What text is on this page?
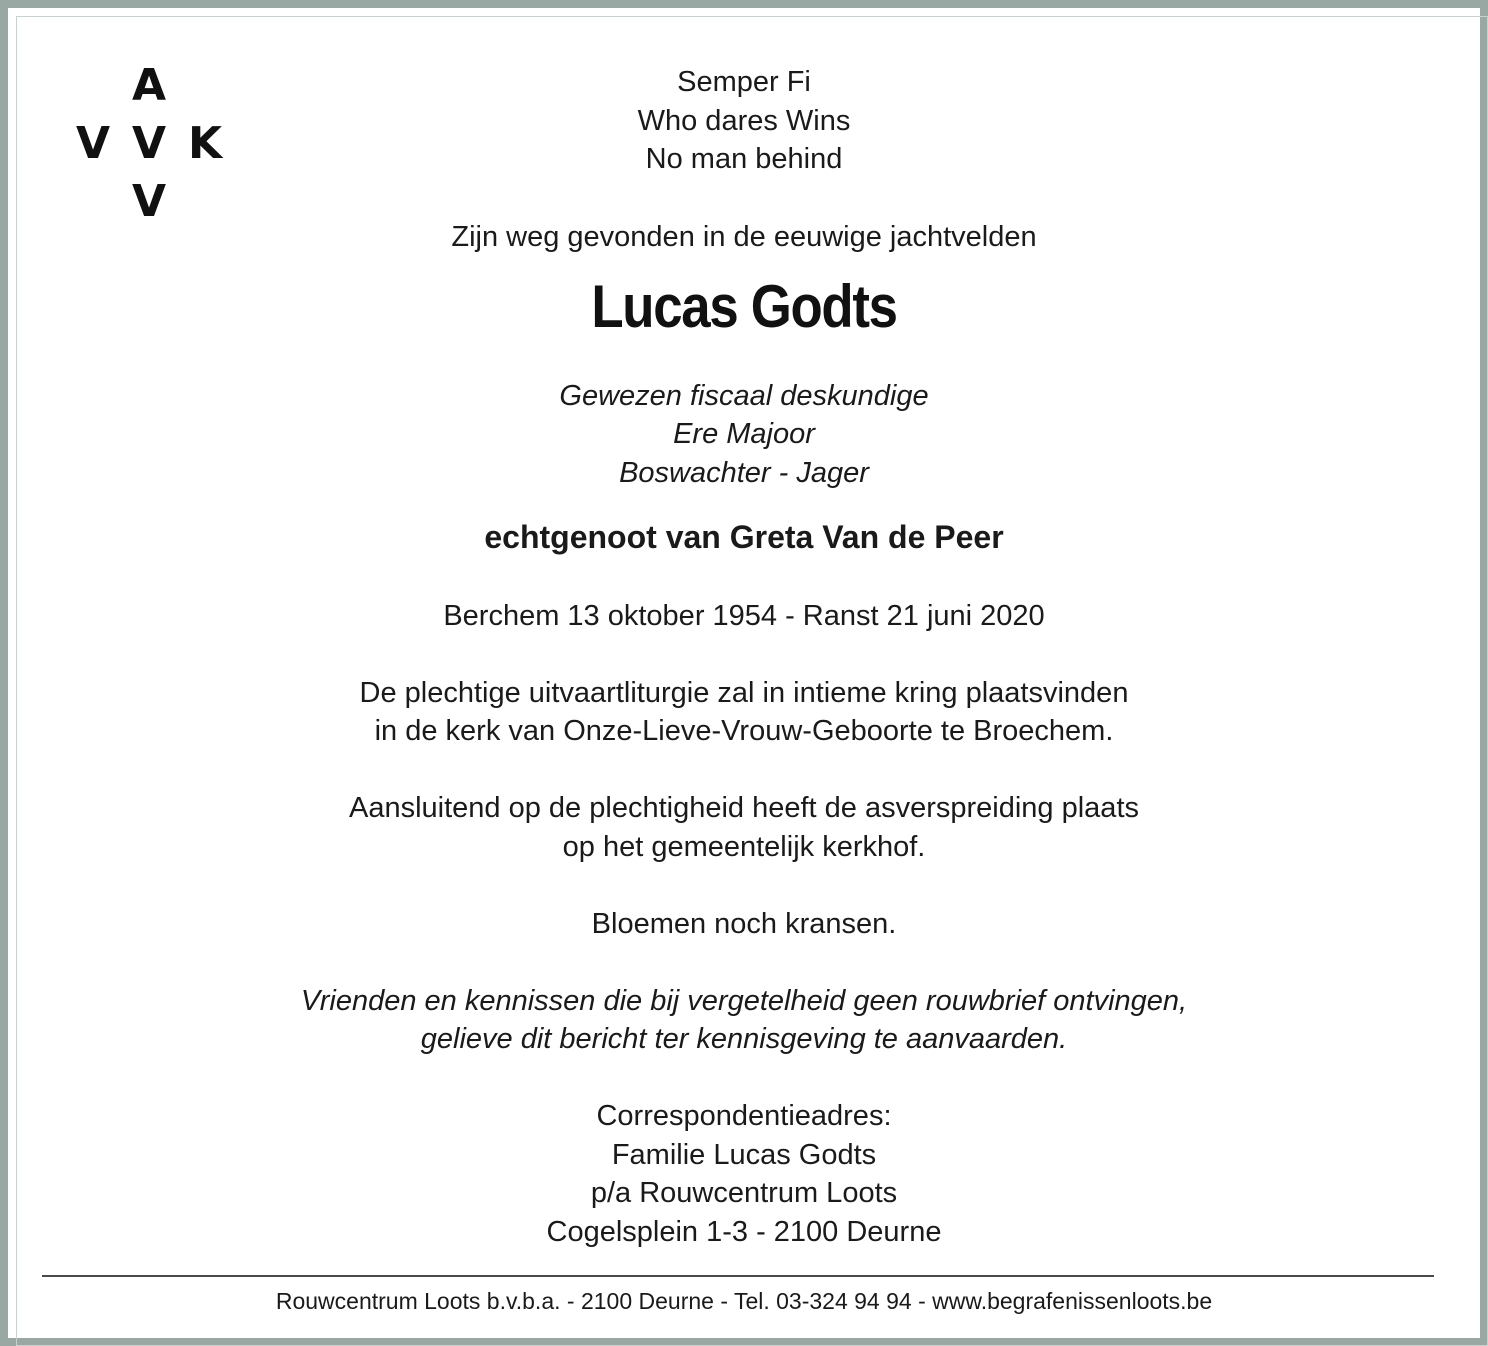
A
V V K
V
Semper Fi
Who dares Wins
No man behind
Zijn weg gevonden in de eeuwige jachtvelden
Lucas Godts
Gewezen fiscaal deskundige
Ere Majoor
Boswachter - Jager
echtgenoot van Greta Van de Peer
Berchem 13 oktober 1954 - Ranst 21 juni 2020
De plechtige uitvaartliturgie zal in intieme kring plaatsvinden
in de kerk van Onze-Lieve-Vrouw-Geboorte te Broechem.
Aansluitend op de plechtigheid heeft de asverspreiding plaats
op het gemeentelijk kerkhof.
Bloemen noch kransen.
Vrienden en kennissen die bij vergetelheid geen rouwbrief ontvingen,
gelieve dit bericht ter kennisgeving te aanvaarden.
Correspondentieadres:
Familie Lucas Godts
p/a Rouwcentrum Loots
Cogelsplein 1-3 - 2100 Deurne
Rouwcentrum Loots b.v.b.a. - 2100 Deurne - Tel. 03-324 94 94 - www.begrafenissenloots.be
